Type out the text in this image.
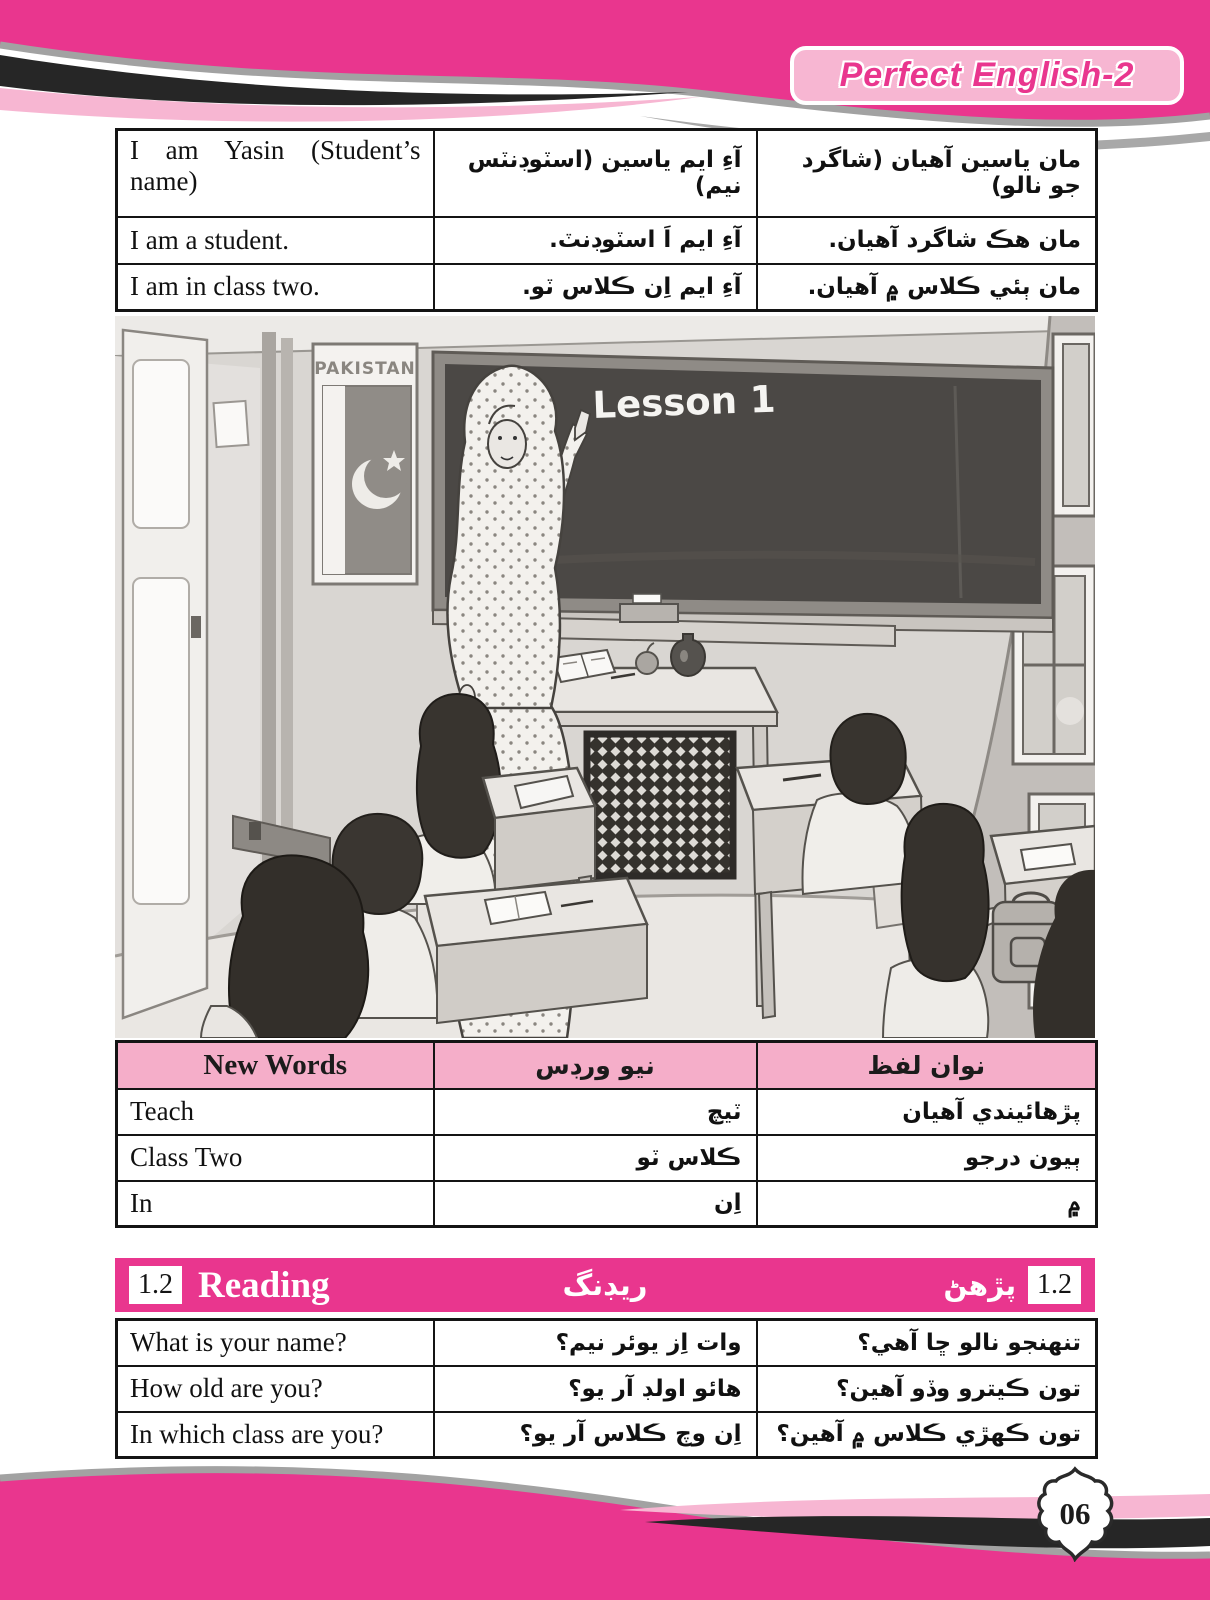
Perfect English-2
I am Yasin (Student’s name)	آءِ ايم ياسين (اسٽوڊنٽس نيم)	مان ياسين آهيان (شاگرد جو نالو)
I am a student.	آءِ ايم اَ اسٽوڊنٽ.	مان هڪ شاگرد آهيان.
I am in class two.	آءِ ايم اِن ڪلاس ٽو.	مان ٻئي ڪلاس ۾ آهيان.
PAKISTAN
Lesson 1
New Words	نيو ورڊس	نوان لفظ
Teach	ٽيچ	پڙهائيندي آهيان
Class Two	ڪلاس ٽو	ٻيون درجو
In	اِن	۾
1.2 Reading	ريڊنگ	پڙهڻ 1.2
What is your name?	وات اِز يوئر نيم؟	تنهنجو نالو ڇا آهي؟
How old are you?	هائو اولڊ آر يو؟	تون ڪيترو وڏو آهين؟
In which class are you?	اِن وچ ڪلاس آر يو؟	تون ڪهڙي ڪلاس ۾ آهين؟
06
